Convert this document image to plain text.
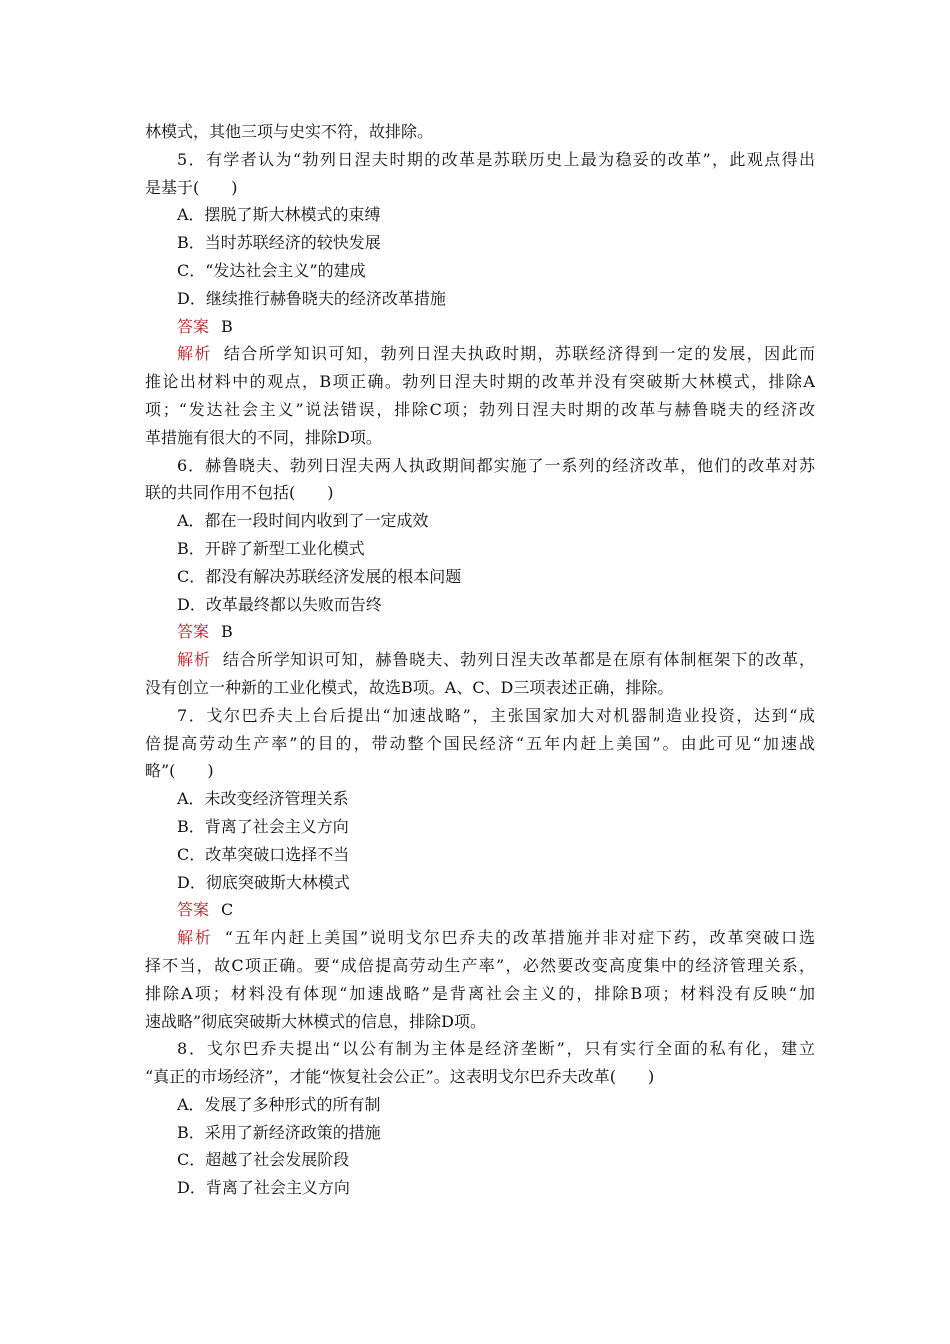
林模式，其他三项与史实不符，故排除。
5．有学者认为“勃列日涅夫时期的改革是苏联历史上最为稳妥的改革”，此观点得出
是基于(　　)
A．摆脱了斯大林模式的束缚
B．当时苏联经济的较快发展
C．“发达社会主义”的建成
D．继续推行赫鲁晓夫的经济改革措施
答案 B
解析 结合所学知识可知，勃列日涅夫执政时期，苏联经济得到一定的发展，因此而
推论出材料中的观点，B项正确。勃列日涅夫时期的改革并没有突破斯大林模式，排除A
项；“发达社会主义”说法错误，排除C项；勃列日涅夫时期的改革与赫鲁晓夫的经济改
革措施有很大的不同，排除D项。
6．赫鲁晓夫、勃列日涅夫两人执政期间都实施了一系列的经济改革，他们的改革对苏
联的共同作用不包括(　　)
A．都在一段时间内收到了一定成效
B．开辟了新型工业化模式
C．都没有解决苏联经济发展的根本问题
D．改革最终都以失败而告终
答案 B
解析 结合所学知识可知，赫鲁晓夫、勃列日涅夫改革都是在原有体制框架下的改革，
没有创立一种新的工业化模式，故选B项。A、C、D三项表述正确，排除。
7．戈尔巴乔夫上台后提出“加速战略”，主张国家加大对机器制造业投资，达到“成
倍提高劳动生产率”的目的，带动整个国民经济“五年内赶上美国”。由此可见“加速战
略”(　　)
A．未改变经济管理关系
B．背离了社会主义方向
C．改革突破口选择不当
D．彻底突破斯大林模式
答案 C
解析 “五年内赶上美国”说明戈尔巴乔夫的改革措施并非对症下药，改革突破口选
择不当，故C项正确。要“成倍提高劳动生产率”，必然要改变高度集中的经济管理关系，
排除A项；材料没有体现“加速战略”是背离社会主义的，排除B项；材料没有反映“加
速战略”彻底突破斯大林模式的信息，排除D项。
8．戈尔巴乔夫提出“以公有制为主体是经济垄断”，只有实行全面的私有化，建立
“真正的市场经济”，才能“恢复社会公正”。这表明戈尔巴乔夫改革(　　)
A．发展了多种形式的所有制
B．采用了新经济政策的措施
C．超越了社会发展阶段
D．背离了社会主义方向
